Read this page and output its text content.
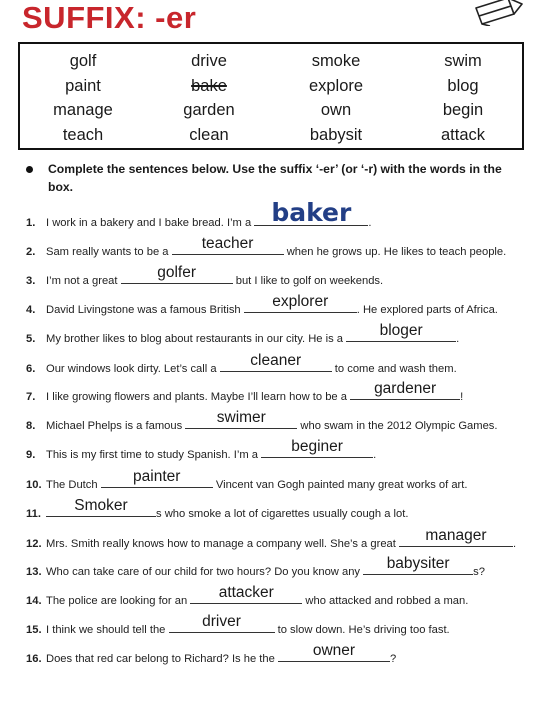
SUFFIX: -er
golf	drive	smoke	swim
paint	bake	explore	blog
manage	garden	own	begin
teach	clean	babysit	attack

Complete the sentences below. Use the suffix ‘-er’ (or ‘-r) with the words in the box.

1. I work in a bakery and I bake bread. I’m a baker	.
2. Sam really wants to be a	teacher	when he grows up. He likes to teach people.
3. I’m not a great	golfer	but I like to golf on weekends.
4. David Livingstone was a famous British	explorer	. He explored parts of Africa.
5. My brother likes to blog about restaurants in our city. He is a	bloger	.
6. Our windows look dirty. Let’s call a	cleaner	to come and wash them.
7. I like growing flowers and plants. Maybe I’ll learn how to be a	gardener	!
8. Michael Phelps is a famous	swimer	who swam in the 2012 Olympic Games.
9. This is my first time to study Spanish. I’m a	beginer	.
10. The Dutch	painter	Vincent van Gogh painted many great works of art.
11.	Smoker	s who smoke a lot of cigarettes usually cough a lot.
12. Mrs. Smith really knows how to manage a company well. She’s a great	manager	.
13. Who can take care of our child for two hours? Do you know any	babysiter	s?
14. The police are looking for an	attacker	who attacked and robbed a man.
15. I think we should tell the	driver	to slow down. He’s driving too fast.
16. Does that red car belong to Richard? Is he the	owner	?
